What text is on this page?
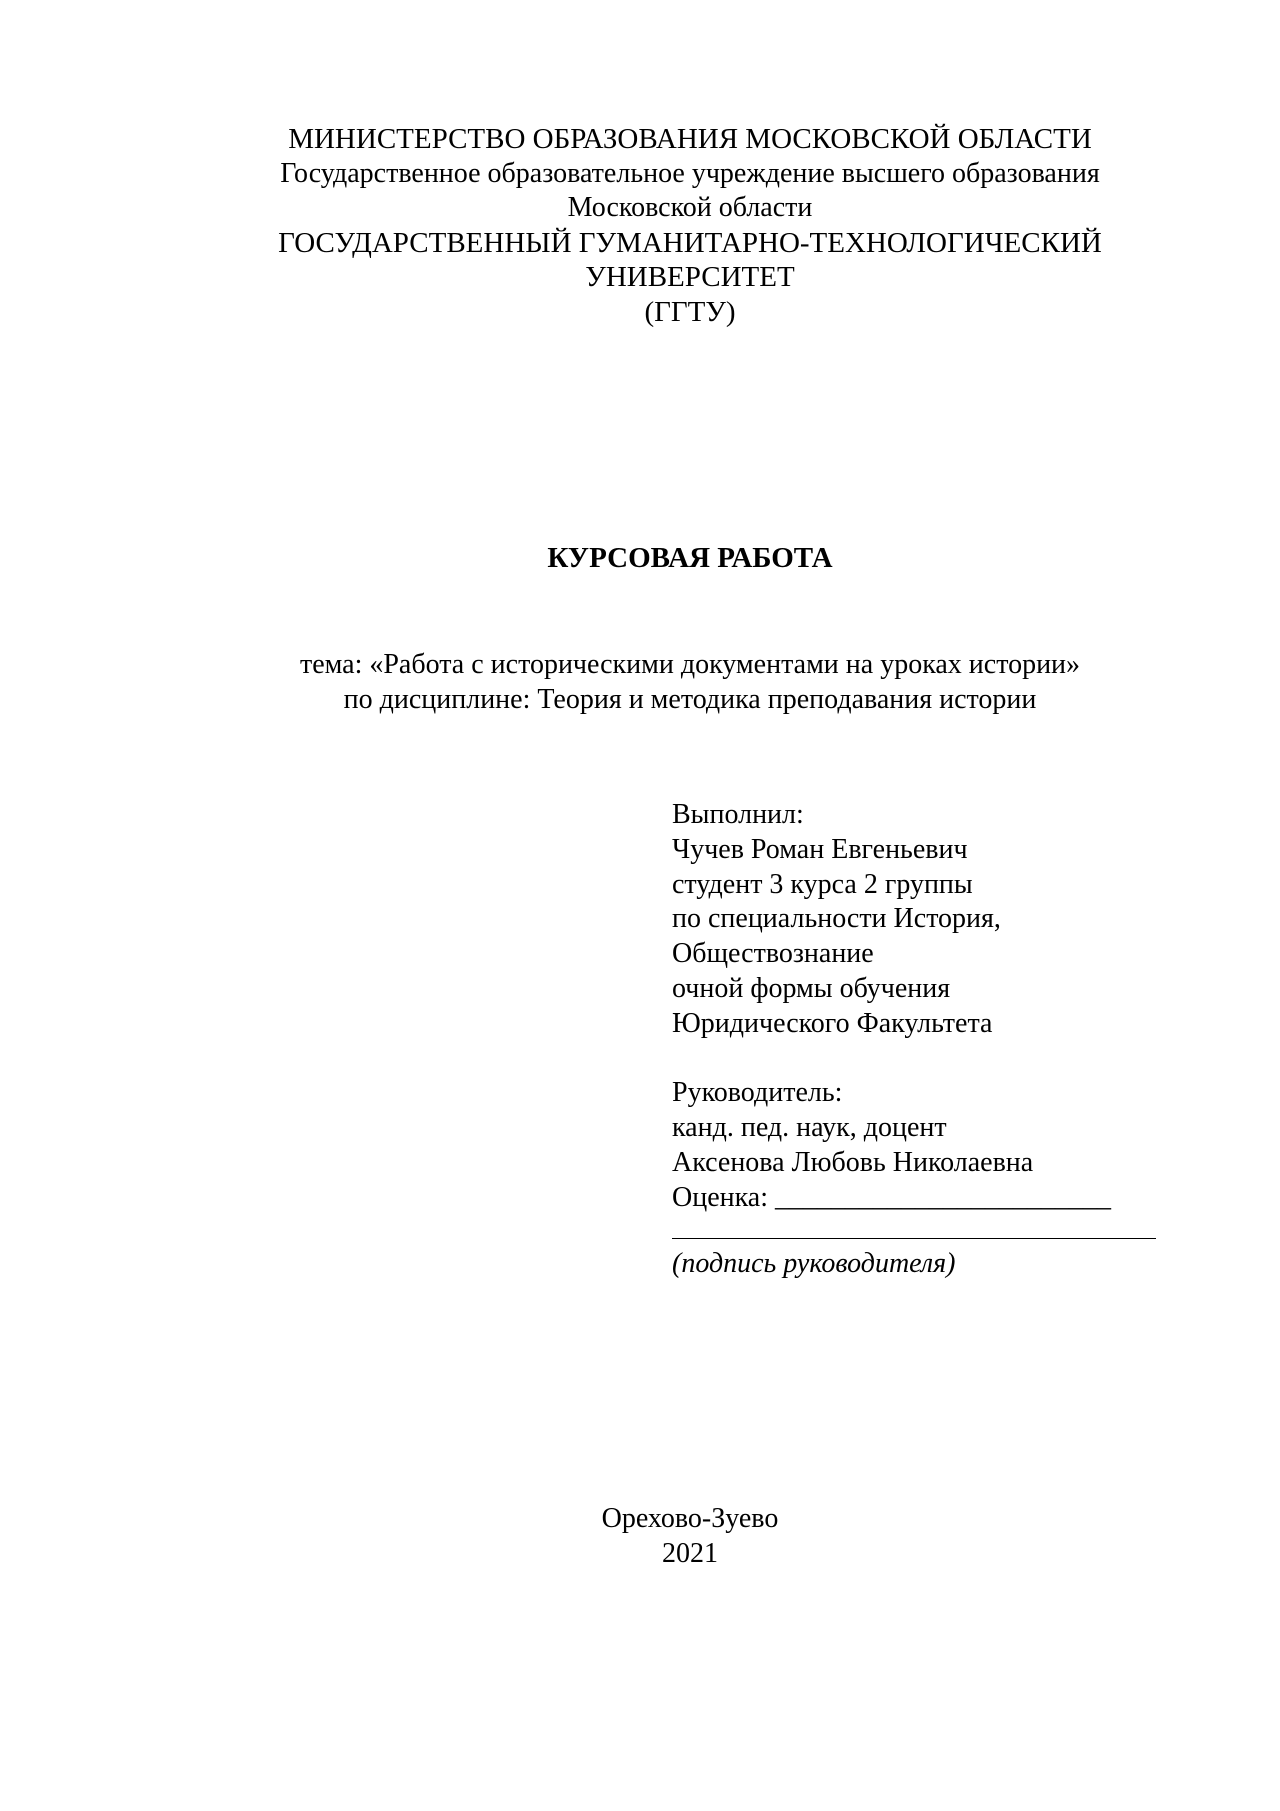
МИНИСТЕРСТВО ОБРАЗОВАНИЯ МОСКОВСКОЙ ОБЛАСТИ
Государственное образовательное учреждение высшего образования
Московской области
ГОСУДАРСТВЕННЫЙ ГУМАНИТАРНО-ТЕХНОЛОГИЧЕСКИЙ
УНИВЕРСИТЕТ
(ГГТУ)
КУРСОВАЯ РАБОТА
тема: «Работа с историческими документами на уроках истории»
по дисциплине: Теория и методика преподавания истории
Выполнил:
Чучев Роман Евгеньевич
студент 3 курса 2 группы
по специальности История,
Обществознание
очной формы обучения
Юридического Факультета
Руководитель:
канд. пед. наук, доцент
Аксенова Любовь Николаевна
Оценка: ________________________
(подпись руководителя)
Орехово-Зуево
2021
